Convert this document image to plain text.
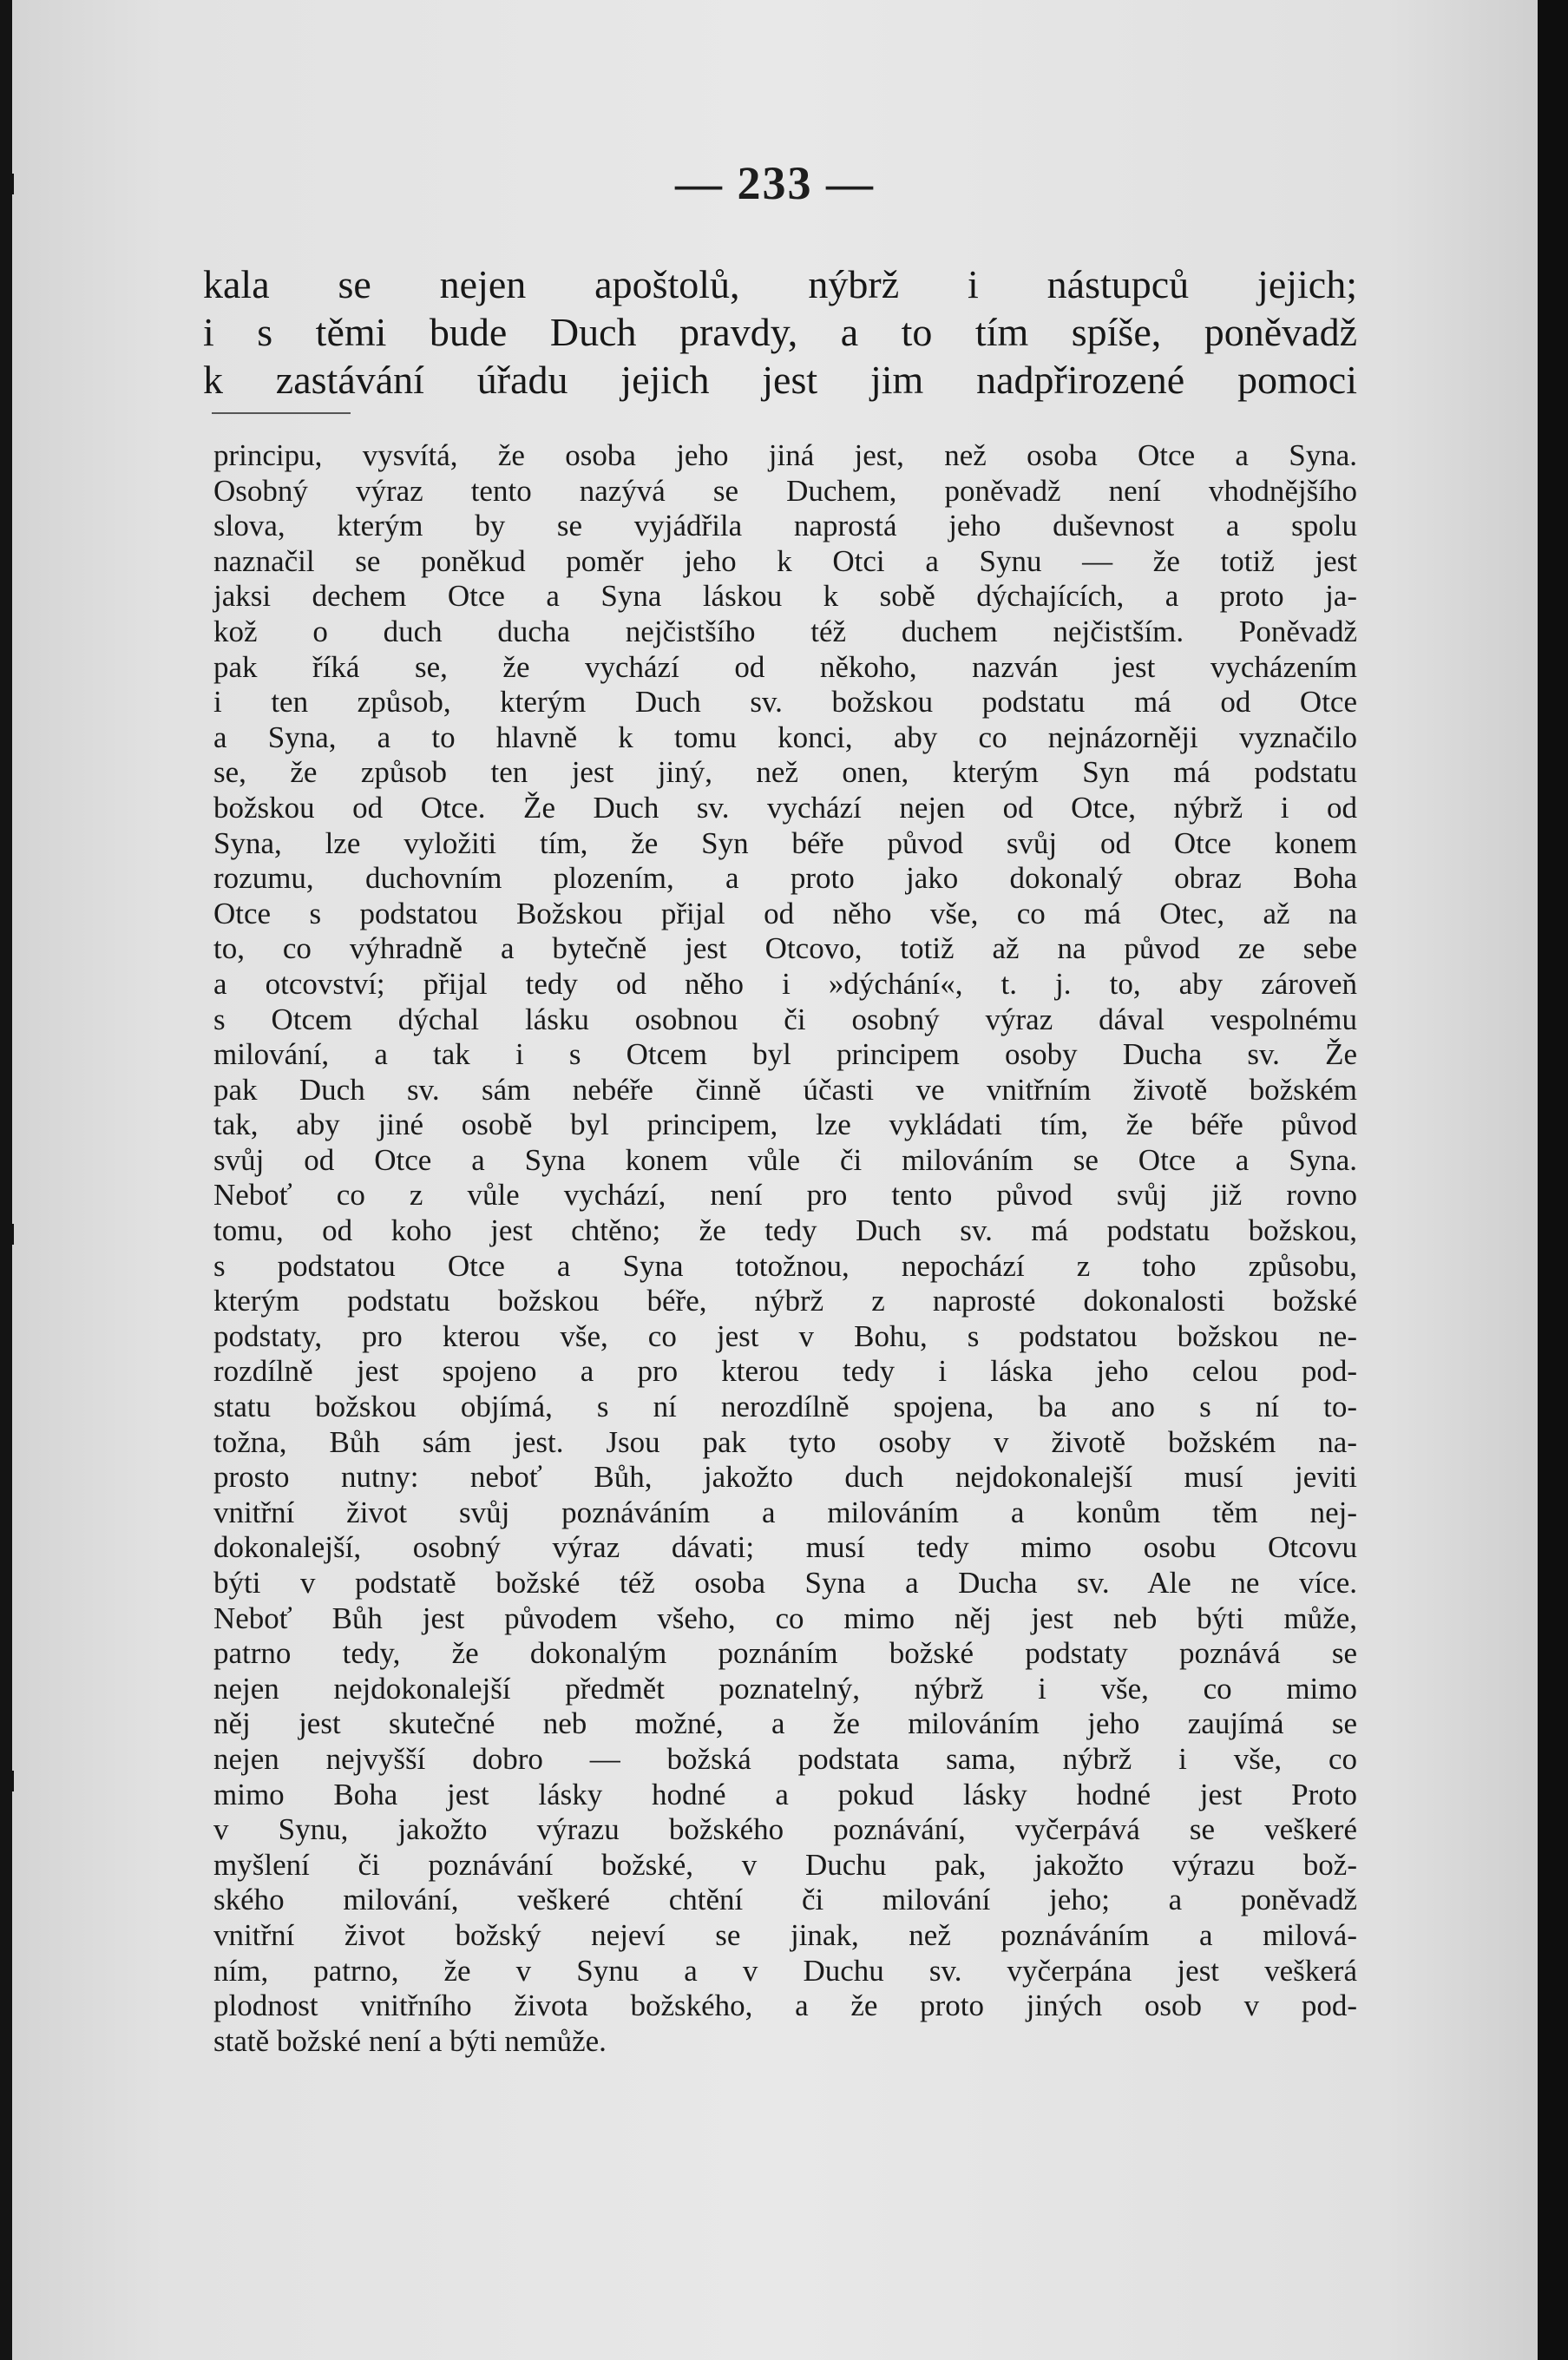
— 233 —
kala se nejen apoštolů, nýbrž i nástupců jejich;
i s těmi bude Duch pravdy, a to tím spíše, poněvadž
k zastávání úřadu jejich jest jim nadpřirozené pomoci
principu, vysvítá, že osoba jeho jiná jest, než osoba Otce a Syna.
Osobný výraz tento nazývá se Duchem, poněvadž není vhodnějšího
slova, kterým by se vyjádřila naprostá jeho duševnost a spolu
naznačil se poněkud poměr jeho k Otci a Synu — že totiž jest
jaksi dechem Otce a Syna láskou k sobě dýchajících, a proto ja-
kož o duch ducha nejčistšího též duchem nejčistším. Poněvadž
pak říká se, že vychází od někoho, nazván jest vycházením
i ten způsob, kterým Duch sv. božskou podstatu má od Otce
a Syna, a to hlavně k tomu konci, aby co nejnázorněji vyznačilo
se, že způsob ten jest jiný, než onen, kterým Syn má podstatu
božskou od Otce. Že Duch sv. vychází nejen od Otce, nýbrž i od
Syna, lze vyložiti tím, že Syn béře původ svůj od Otce konem
rozumu, duchovním plozením, a proto jako dokonalý obraz Boha
Otce s podstatou Božskou přijal od něho vše, co má Otec, až na
to, co výhradně a bytečně jest Otcovo, totiž až na původ ze sebe
a otcovství; přijal tedy od něho i »dýchání«, t. j. to, aby zároveň
s Otcem dýchal lásku osobnou či osobný výraz dával vespolnému
milování, a tak i s Otcem byl principem osoby Ducha sv. Že
pak Duch sv. sám nebéře činně účasti ve vnitřním životě božském
tak, aby jiné osobě byl principem, lze vykládati tím, že béře původ
svůj od Otce a Syna konem vůle či milováním se Otce a Syna.
Neboť co z vůle vychází, není pro tento původ svůj již rovno
tomu, od koho jest chtěno; že tedy Duch sv. má podstatu božskou,
s podstatou Otce a Syna totožnou, nepochází z toho způsobu,
kterým podstatu božskou béře, nýbrž z naprosté dokonalosti božské
podstaty, pro kterou vše, co jest v Bohu, s podstatou božskou ne-
rozdílně jest spojeno a pro kterou tedy i láska jeho celou pod-
statu božskou objímá, s ní nerozdílně spojena, ba ano s ní to-
tožna, Bůh sám jest. Jsou pak tyto osoby v životě božském na-
prosto nutny: neboť Bůh, jakožto duch nejdokonalejší musí jeviti
vnitřní život svůj poznáváním a milováním a konům těm nej-
dokonalejší, osobný výraz dávati; musí tedy mimo osobu Otcovu
býti v podstatě božské též osoba Syna a Ducha sv. Ale ne více.
Neboť Bůh jest původem všeho, co mimo něj jest neb býti může,
patrno tedy, že dokonalým poznáním božské podstaty poznává se
nejen nejdokonalejší předmět poznatelný, nýbrž i vše, co mimo
něj jest skutečné neb možné, a že milováním jeho zaujímá se
nejen nejvyšší dobro — božská podstata sama, nýbrž i vše, co
mimo Boha jest lásky hodné a pokud lásky hodné jest Proto
v Synu, jakožto výrazu božského poznávání, vyčerpává se veškeré
myšlení či poznávání božské, v Duchu pak, jakožto výrazu bož-
ského milování, veškeré chtění či milování jeho; a poněvadž
vnitřní život božský nejeví se jinak, než poznáváním a milová-
ním, patrno, že v Synu a v Duchu sv. vyčerpána jest veškerá
plodnost vnitřního života božského, a že proto jiných osob v pod-
statě božské není a býti nemůže.
